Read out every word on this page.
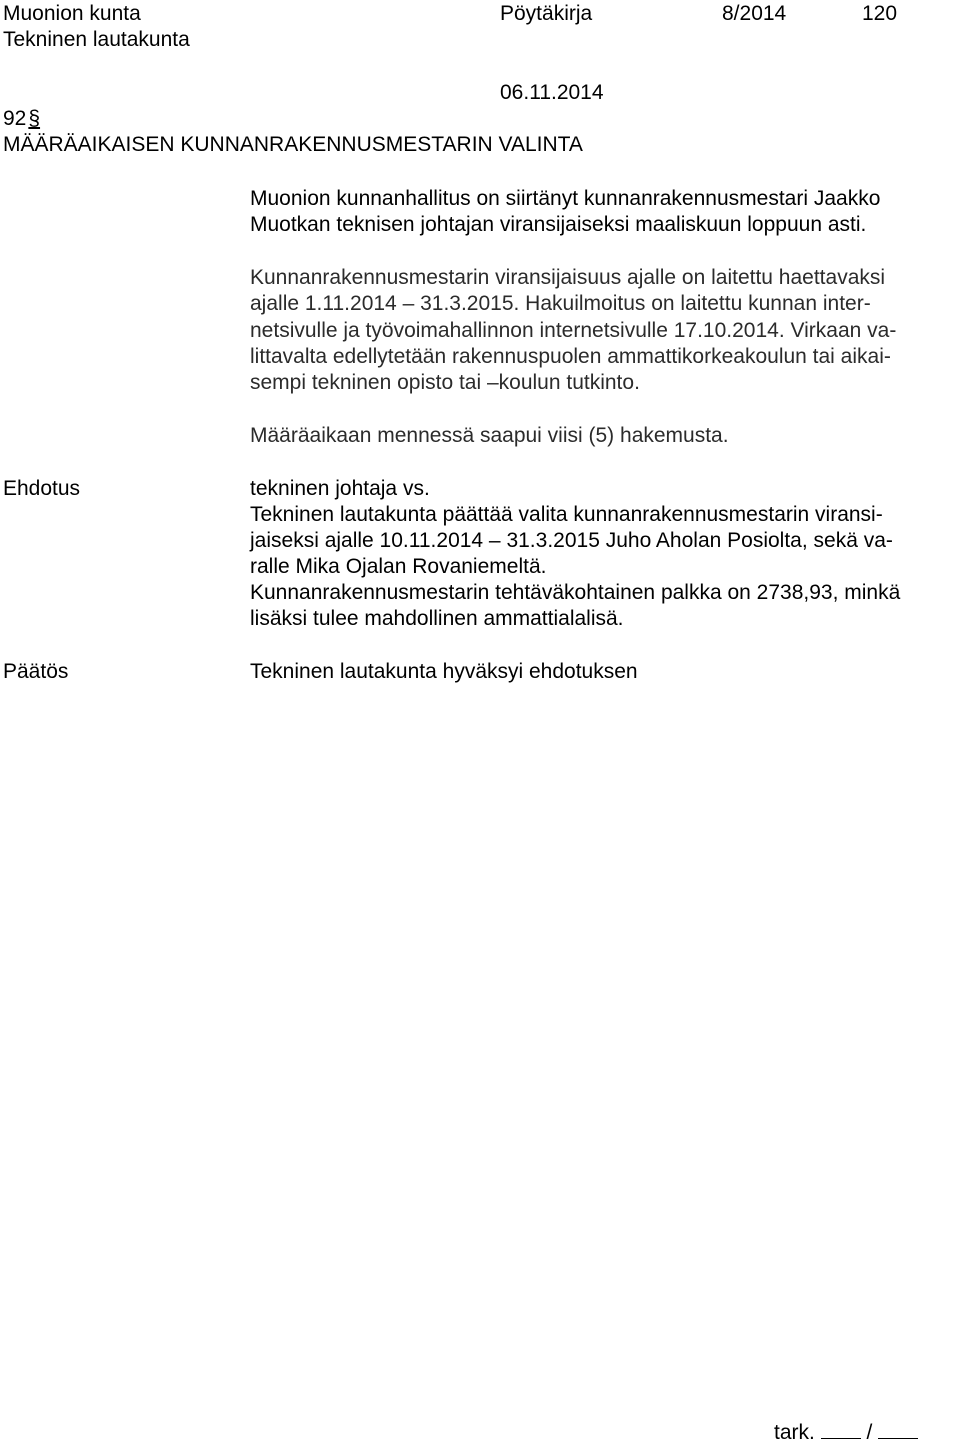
Muonion kunta
Tekninen lautakunta
Pöytäkirja	8/2014	120
06.11.2014
92§
MÄÄRÄAIKAISEN KUNNANRAKENNUSMESTARIN VALINTA
Muonion kunnanhallitus on siirtänyt kunnanrakennusmestari Jaakko
Muotkan teknisen johtajan viransijaiseksi maaliskuun loppuun asti.
Kunnanrakennusmestarin viransijaisuus ajalle on laitettu haettavaksi
ajalle 1.11.2014 – 31.3.2015. Hakuilmoitus on laitettu kunnan inter-
netsivulle ja työvoimahallinnon internetsivulle 17.10.2014. Virkaan va-
littavalta edellytetään rakennuspuolen ammattikorkeakoulun tai aikai-
sempi tekninen opisto tai –koulun tutkinto.
Määräaikaan mennessä saapui viisi (5) hakemusta.
Ehdotus	tekninen johtaja vs.
Tekninen lautakunta päättää valita kunnanrakennusmestarin viransi-
jaiseksi ajalle 10.11.2014 – 31.3.2015 Juho Aholan Posiolta, sekä va-
ralle Mika Ojalan Rovaniemeltä.
Kunnanrakennusmestarin tehtäväkohtainen palkka on 2738,93, minkä
lisäksi tulee mahdollinen ammattialalisä.
Päätös	Tekninen lautakunta hyväksyi ehdotuksen
tark. /
